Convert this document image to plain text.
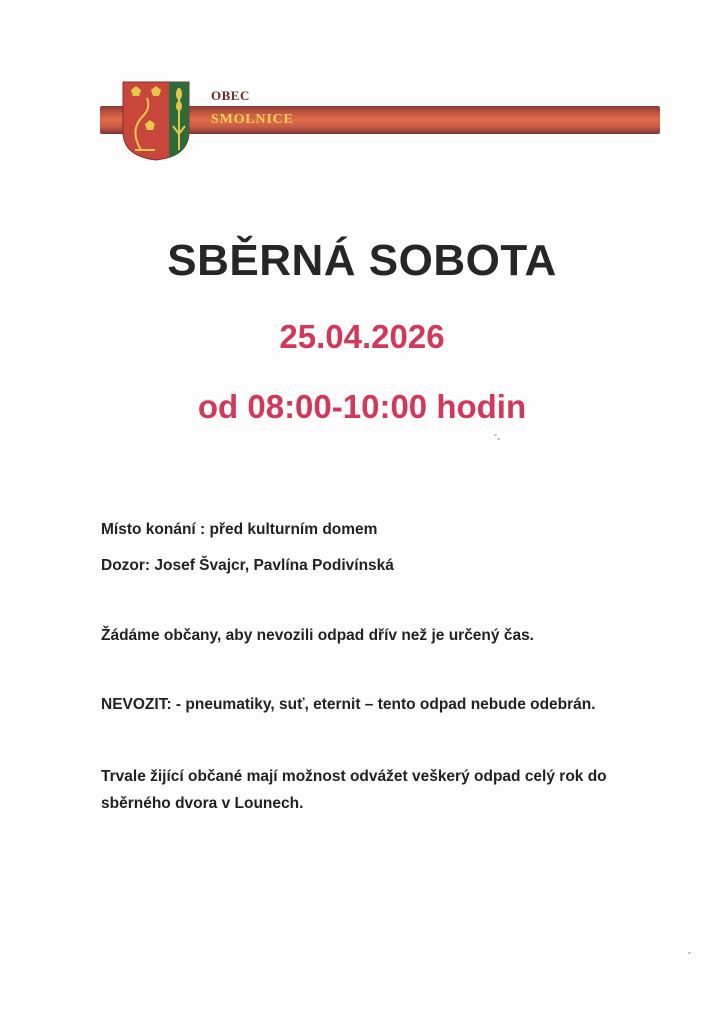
OBEC
SMOLNICE
SBĚRNÁ SOBOTA
25.04.2026
od 08:00-10:00 hodin
Místo konání : před kulturním domem
Dozor: Josef Švajcr, Pavlína Podivínská
Žádáme občany, aby nevozili odpad dřív než je určený čas.
NEVOZIT: - pneumatiky, suť, eternit – tento odpad nebude odebrán.
Trvale žijící občané mají možnost odvážet veškerý odpad celý rok do
sběrného dvora v Lounech.
